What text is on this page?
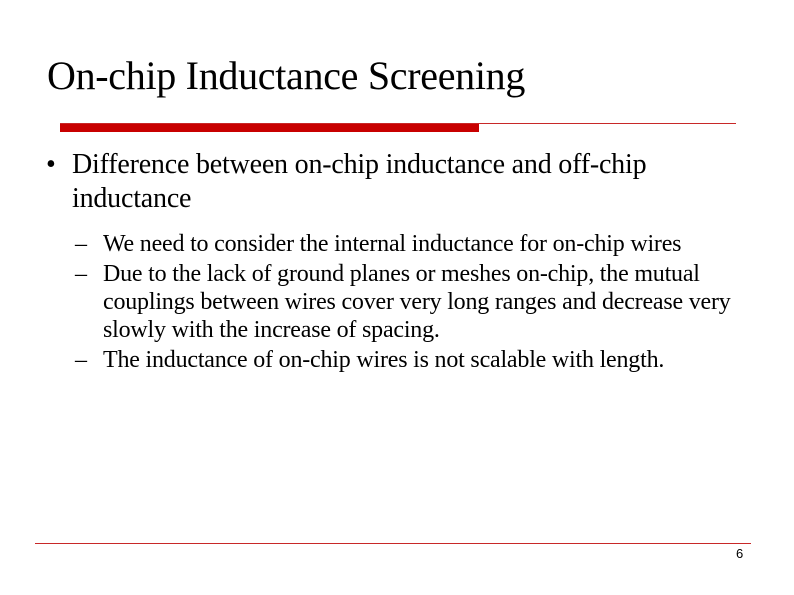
On-chip Inductance Screening
• Difference between on-chip inductance and off-chip inductance
– We need to consider the internal inductance for on-chip wires
– Due to the lack of ground planes or meshes on-chip, the mutual couplings between wires cover very long ranges and decrease very slowly with the increase of spacing.
– The inductance of on-chip wires is not scalable with length.
6
